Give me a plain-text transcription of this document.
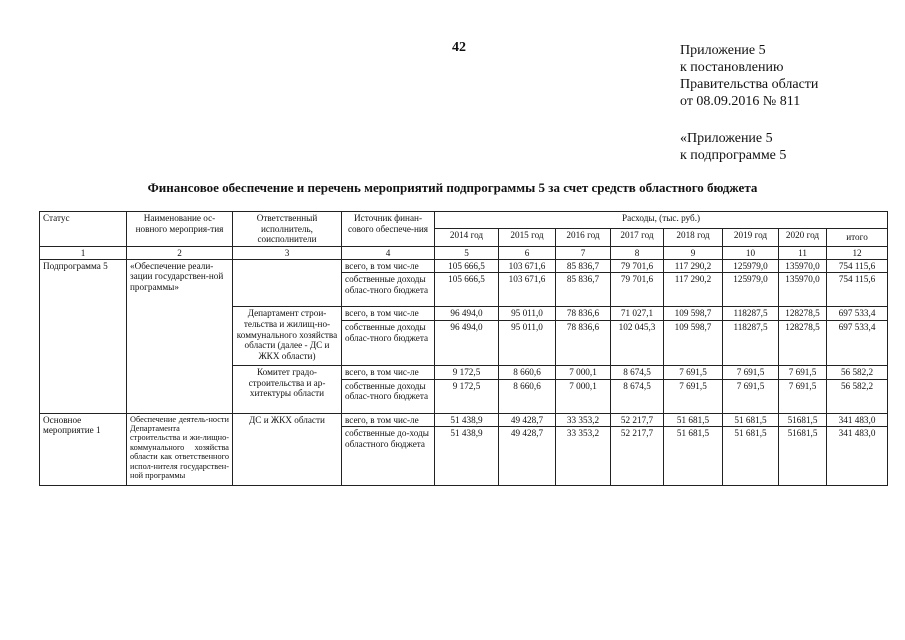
42	Приложение 5
к постановлению
Правительства области
от 08.09.2016 № 811
«Приложение 5
к подпрограмме 5
Финансовое обеспечение и перечень мероприятий подпрограммы 5 за счет средств областного бюджета
Статус	Наименование ос-новного мероприя-тия	Ответственный исполнитель, соисполнители	Источник финан-сового обеспече-ния	Расходы, (тыс. руб.)							
				2014 год	2015 год	2016 год	2017 год	2018 год	2019 год	2020 год	итого
1	2	3	4	5	6	7	8	9	10	11	12
Подпрограмма 5	«Обеспечение реали-зации государствен-ной программы»		всего, в том чис-ле	105 666,5	103 671,6	85 836,7	79 701,6	117 290,2	125979,0	135970,0	754 115,6
			собственные доходы облас-тного бюджета	105 666,5	103 671,6	85 836,7	79 701,6	117 290,2	125979,0	135970,0	754 115,6
		Департамент строи-тельства и жилищ-но-коммунального хозяйства области (далее - ДС и ЖКХ области)	всего, в том чис-ле	96 494,0	95 011,0	78 836,6	71 027,1	109 598,7	118287,5	128278,5	697 533,4
			собственные доходы облас-тного бюджета	96 494,0	95 011,0	78 836,6	102 045,3	109 598,7	118287,5	128278,5	697 533,4
		Комитет градо-строительства и ар-хитектуры области	всего, в том чис-ле	9 172,5	8 660,6	7 000,1	8 674,5	7 691,5	7 691,5	7 691,5	56 582,2
			собственные доходы облас-тного бюджета	9 172,5	8 660,6	7 000,1	8 674,5	7 691,5	7 691,5	7 691,5	56 582,2
Основное мероприятие 1	Обеспечение деятель-ности Департамента строительства и жи-лищно-коммунального хозяйства области как ответственного испол-нителя государствен-ной программы	ДС и ЖКХ области	всего, в том чис-ле	51 438,9	49 428,7	33 353,2	52 217,7	51 681,5	51 681,5	51681,5	341 483,0
			собственные до-ходы областного бюджета	51 438,9	49 428,7	33 353,2	52 217,7	51 681,5	51 681,5	51681,5	341 483,0
